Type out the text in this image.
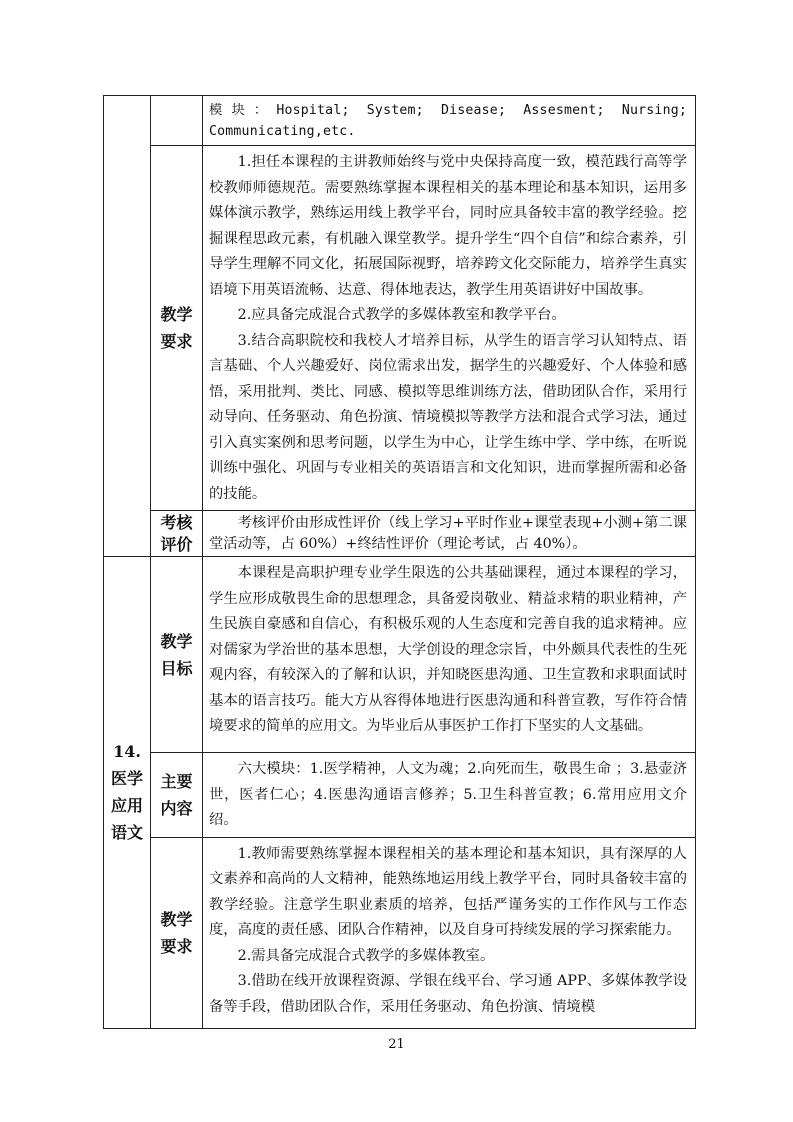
		模块：Hospital; System; Disease; Assesment; Nursing; Communicating,etc.

	教学要求	1.担任本课程的主讲教师始终与党中央保持高度一致，模范践行高等学校教师师德规范。需要熟练掌握本课程相关的基本理论和基本知识，运用多媒体演示教学，熟练运用线上教学平台，同时应具备较丰富的教学经验。挖掘课程思政元素，有机融入课堂教学。提升学生“四个自信”和综合素养，引导学生理解不同文化，拓展国际视野，培养跨文化交际能力，培养学生真实语境下用英语流畅、达意、得体地表达，教学生用英语讲好中国故事。

2.应具备完成混合式教学的多媒体教室和教学平台。

3.结合高职院校和我校人才培养目标，从学生的语言学习认知特点、语言基础、个人兴趣爱好、岗位需求出发，据学生的兴趣爱好、个人体验和感悟，采用批判、类比、同感、模拟等思维训练方法，借助团队合作，采用行动导向、任务驱动、角色扮演、情境模拟等教学方法和混合式学习法，通过引入真实案例和思考问题，以学生为中心，让学生练中学、学中练，在听说训练中强化、巩固与专业相关的英语语言和文化知识，进而掌握所需和必备的技能。

	考核评价	考核评价由形成性评价（线上学习+平时作业+课堂表现+小测+第二课堂活动等，占 60%）+终结性评价（理论考试，占 40%）。

14.医学应用语文	教学目标	本课程是高职护理专业学生限选的公共基础课程，通过本课程的学习，学生应形成敬畏生命的思想理念，具备爱岗敬业、精益求精的职业精神，产生民族自豪感和自信心，有积极乐观的人生态度和完善自我的追求精神。应对儒家为学治世的基本思想，大学创设的理念宗旨，中外颇具代表性的生死观内容，有较深入的了解和认识，并知晓医患沟通、卫生宣教和求职面试时基本的语言技巧。能大方从容得体地进行医患沟通和科普宣教，写作符合情境要求的简单的应用文。为毕业后从事医护工作打下坚实的人文基础。

	主要内容	六大模块：1.医学精神，人文为魂；2.向死而生，敬畏生命 ；3.悬壶济世，医者仁心；4.医患沟通语言修养；5.卫生科普宣教；6.常用应用文介绍。

	教学要求	1.教师需要熟练掌握本课程相关的基本理论和基本知识，具有深厚的人文素养和高尚的人文精神，能熟练地运用线上教学平台，同时具备较丰富的教学经验。注意学生职业素质的培养，包括严谨务实的工作作风与工作态度，高度的责任感、团队合作精神，以及自身可持续发展的学习探索能力。

2.需具备完成混合式教学的多媒体教室。

3.借助在线开放课程资源、学银在线平台、学习通 APP、多媒体教学设备等手段，借助团队合作，采用任务驱动、角色扮演、情境模

21
